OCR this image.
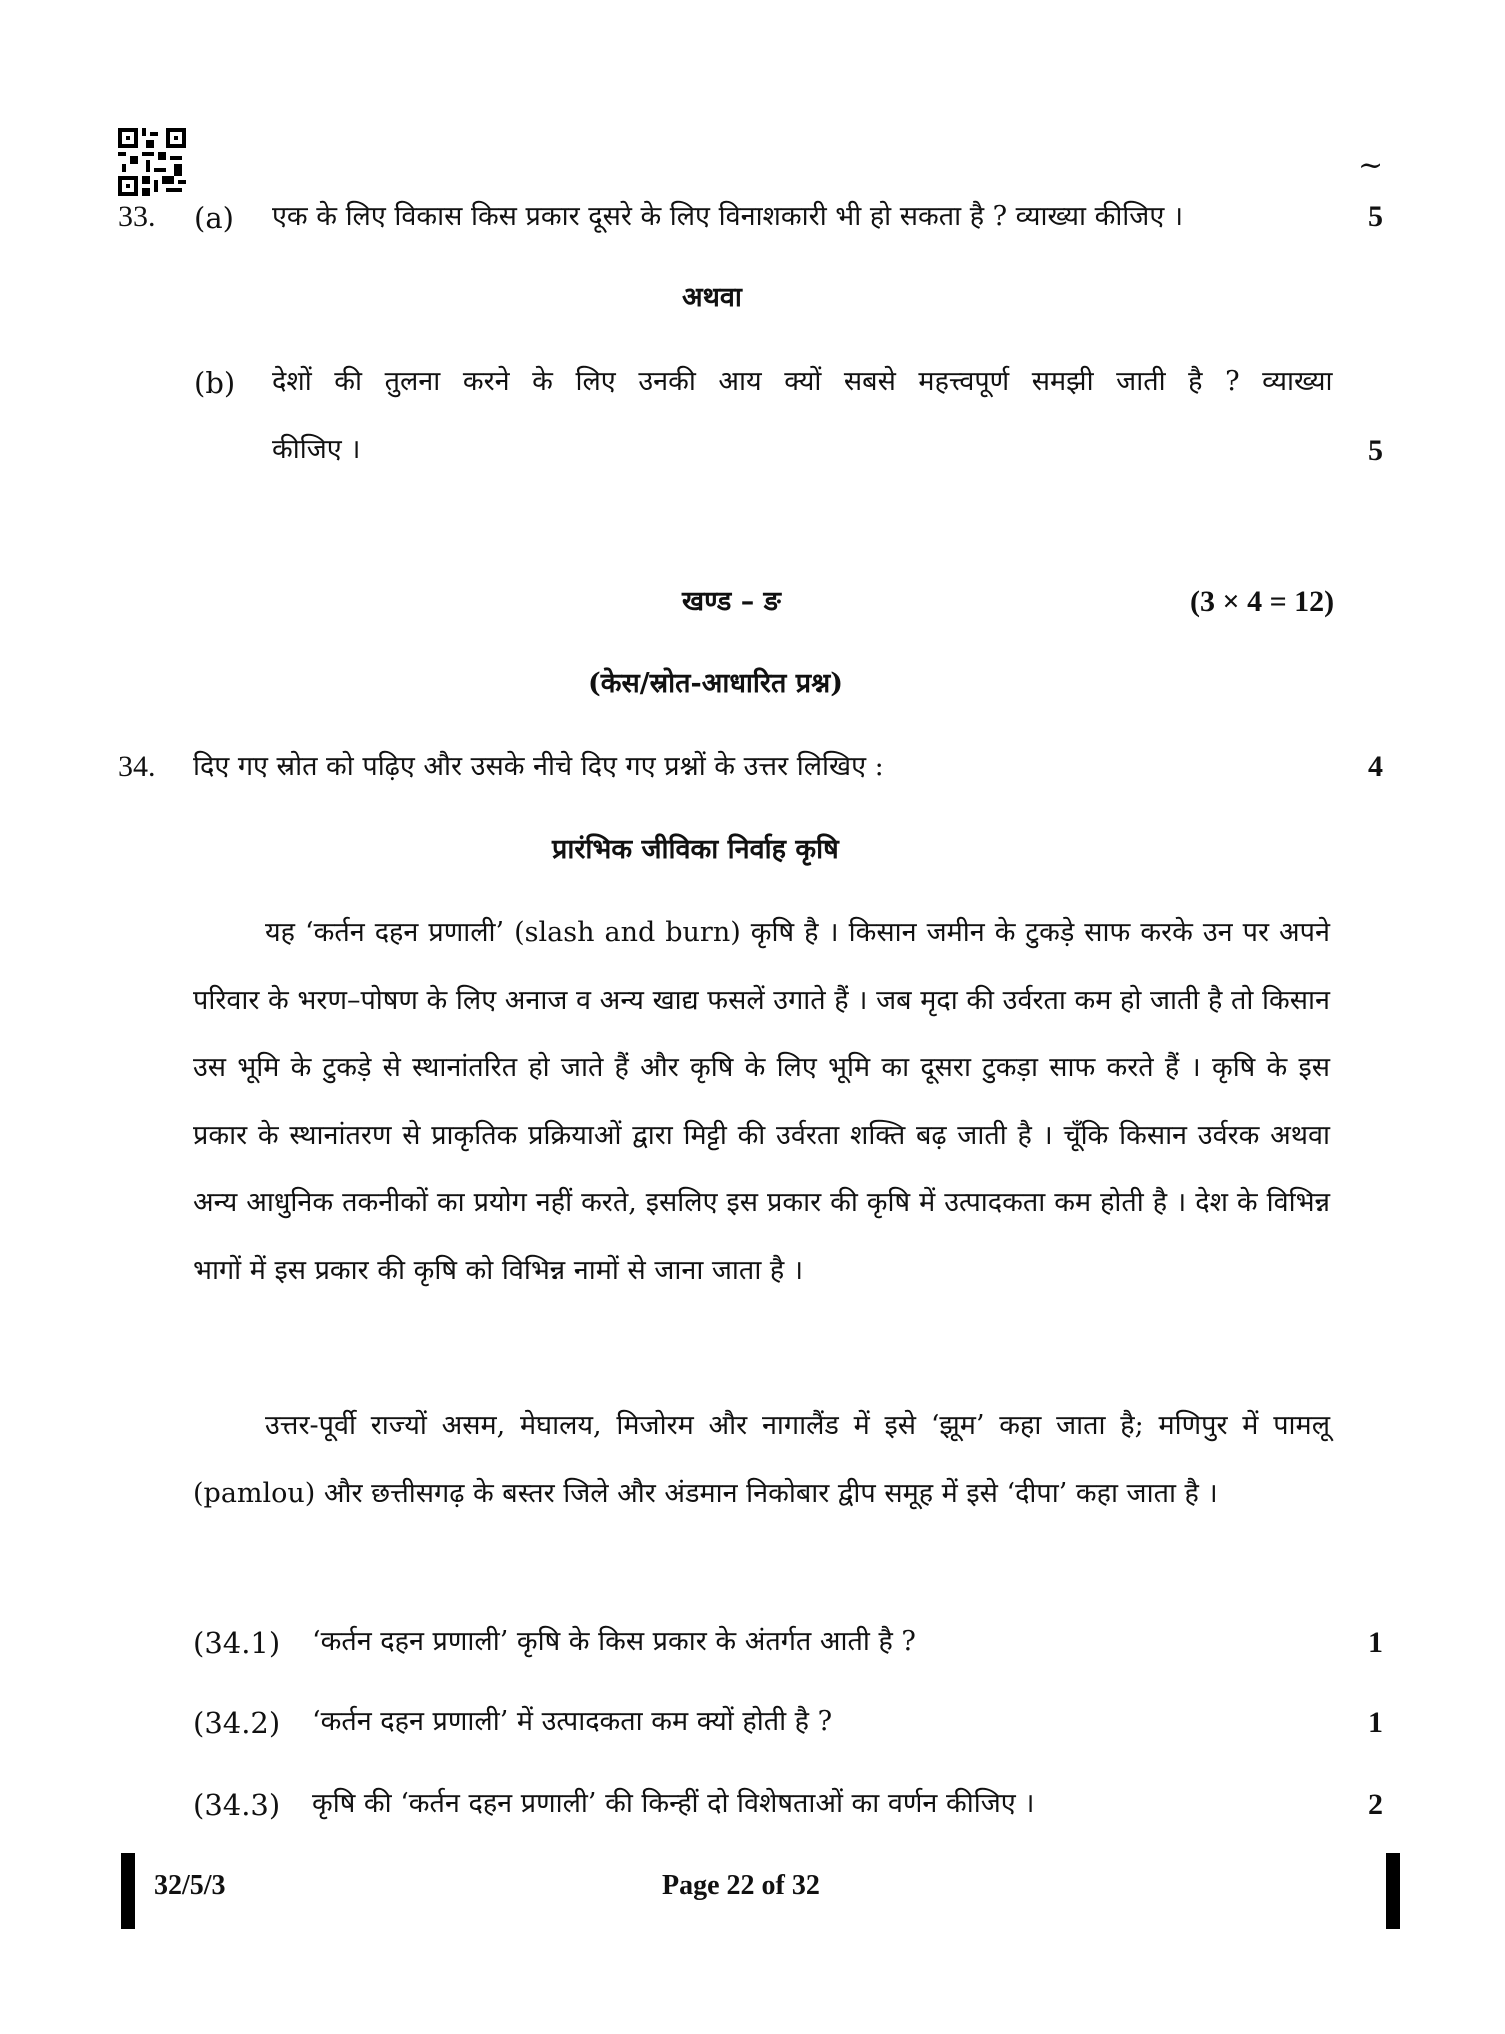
~
33. (a) एक के लिए विकास किस प्रकार दूसरे के लिए विनाशकारी भी हो सकता है ? व्याख्या कीजिए ।	5
अथवा
(b) देशों की तुलना करने के लिए उनकी आय क्यों सबसे महत्त्वपूर्ण समझी जाती है ? व्याख्या
कीजिए ।	5
खण्ड – ङ	(3 × 4 = 12)
(केस/स्रोत-आधारित प्रश्न)
34. दिए गए स्रोत को पढ़िए और उसके नीचे दिए गए प्रश्नों के उत्तर लिखिए :	4
प्रारंभिक जीविका निर्वाह कृषि
यह ‘कर्तन दहन प्रणाली’ (slash and burn) कृषि है । किसान जमीन के टुकड़े साफ करके उन पर अपने परिवार के भरण–पोषण के लिए अनाज व अन्य खाद्य फसलें उगाते हैं । जब मृदा की उर्वरता कम हो जाती है तो किसान उस भूमि के टुकड़े से स्थानांतरित हो जाते हैं और कृषि के लिए भूमि का दूसरा टुकड़ा साफ करते हैं । कृषि के इस प्रकार के स्थानांतरण से प्राकृतिक प्रक्रियाओं द्वारा मिट्टी की उर्वरता शक्ति बढ़ जाती है । चूँकि किसान उर्वरक अथवा अन्य आधुनिक तकनीकों का प्रयोग नहीं करते, इसलिए इस प्रकार की कृषि में उत्पादकता कम होती है । देश के विभिन्न भागों में इस प्रकार की कृषि को विभिन्न नामों से जाना जाता है ।
उत्तर-पूर्वी राज्यों असम, मेघालय, मिजोरम और नागालैंड में इसे ‘झूम’ कहा जाता है; मणिपुर में पामलू (pamlou) और छत्तीसगढ़ के बस्तर जिले और अंडमान निकोबार द्वीप समूह में इसे ‘दीपा’ कहा जाता है ।
(34.1) ‘कर्तन दहन प्रणाली’ कृषि के किस प्रकार के अंतर्गत आती है ?	1
(34.2) ‘कर्तन दहन प्रणाली’ में उत्पादकता कम क्यों होती है ?	1
(34.3) कृषि की ‘कर्तन दहन प्रणाली’ की किन्हीं दो विशेषताओं का वर्णन कीजिए ।	2
32/5/3	Page 22 of 32
